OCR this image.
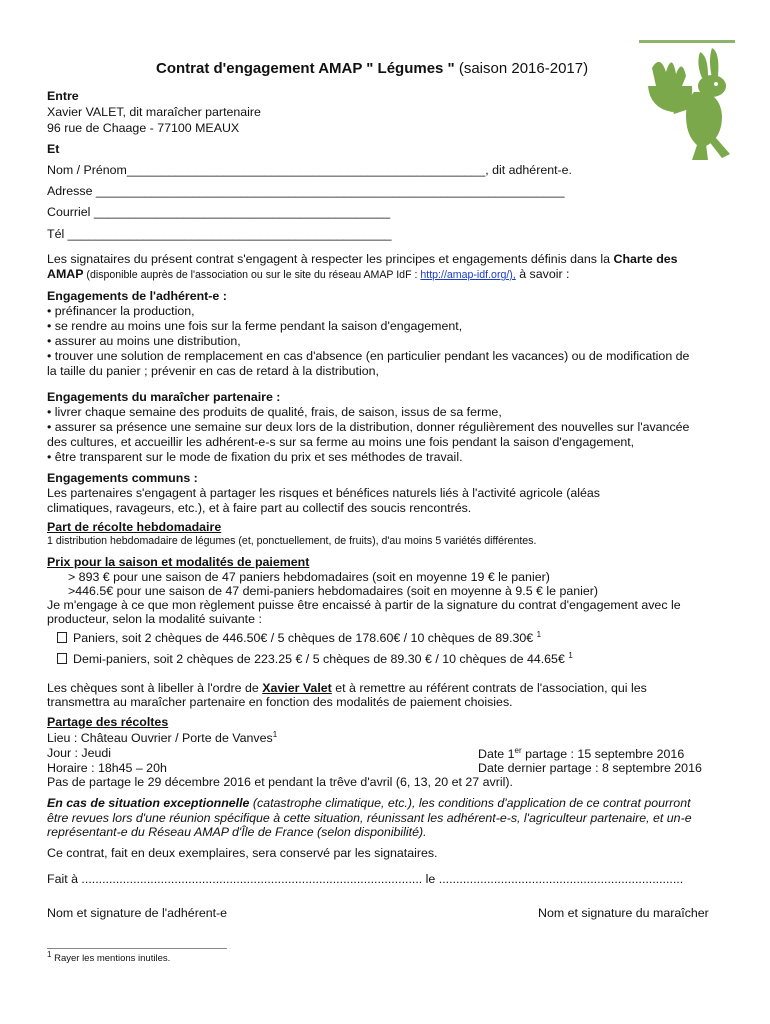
Contrat d'engagement AMAP " Légumes " (saison 2016-2017)
Entre
Xavier VALET, dit maraîcher partenaire
96 rue de Chaage - 77100 MEAUX
Et
Nom / Prénom____________________________________________________, dit adhérent-e.
Adresse ____________________________________________________________________
Courriel ___________________________________________
Tél _______________________________________________
Les signataires du présent contrat s'engagent à respecter les principes et engagements définis dans la Charte des
AMAP (disponible auprès de l'association ou sur le site du réseau AMAP IdF : http://amap-idf.org/), à savoir :
Engagements de l'adhérent-e :
• préfinancer la production,
• se rendre au moins une fois sur la ferme pendant la saison d'engagement,
• assurer au moins une distribution,
• trouver une solution de remplacement en cas d'absence (en particulier pendant les vacances) ou de modification de
la taille du panier ; prévenir en cas de retard à la distribution,
Engagements du maraîcher partenaire :
• livrer chaque semaine des produits de qualité, frais, de saison, issus de sa ferme,
• assurer sa présence une semaine sur deux lors de la distribution, donner régulièrement des nouvelles sur l'avancée
des cultures, et accueillir les adhérent-e-s sur sa ferme au moins une fois pendant la saison d'engagement,
• être transparent sur le mode de fixation du prix et ses méthodes de travail.
Engagements communs :
Les partenaires s'engagent à partager les risques et bénéfices naturels liés à l'activité agricole (aléas
climatiques, ravageurs, etc.), et à faire part au collectif des soucis rencontrés.
Part de récolte hebdomadaire
1 distribution hebdomadaire de légumes (et, ponctuellement, de fruits), d'au moins 5 variétés différentes.
Prix pour la saison et modalités de paiement
> 893 € pour une saison de 47 paniers hebdomadaires (soit en moyenne 19 € le panier)
>446.5€ pour une saison de 47 demi-paniers hebdomadaires (soit en moyenne à 9.5 € le panier)
Je m'engage à ce que mon règlement puisse être encaissé à partir de la signature du contrat d'engagement avec le
producteur, selon la modalité suivante :
Paniers, soit 2 chèques de 446.50€ / 5 chèques de 178.60€ / 10 chèques de 89.30€ $^1$
Demi-paniers, soit 2 chèques de 223.25 € / 5 chèques de 89.30 € / 10 chèques de 44.65€ $^1$
Les chèques sont à libeller à l'ordre de Xavier Valet et à remettre au référent contrats de l'association, qui les
transmettra au maraîcher partenaire en fonction des modalités de paiement choisies.
Partage des récoltes
Lieu : Château Ouvrier / Porte de Vanves$^1$
Jour : Jeudi
Horaire : 18h45 – 20h
Date 1er partage : 15 septembre 2016
Date dernier partage : 8 septembre 2016
Pas de partage le 29 décembre 2016 et pendant la trêve d'avril (6, 13, 20 et 27 avril).
En cas de situation exceptionnelle (catastrophe climatique, etc.), les conditions d'application de ce contrat pourront
être revues lors d'une réunion spécifique à cette situation, réunissant les adhérent-e-s, l'agriculteur partenaire, et un-e
représentant-e du Réseau AMAP d'Île de France (selon disponibilité).
Ce contrat, fait en deux exemplaires, sera conservé par les signataires.
Fait à ................................................................................................... le .......................................................................
Nom et signature de l'adhérent-e	Nom et signature du maraîcher
$^1$ Rayer les mentions inutiles.
